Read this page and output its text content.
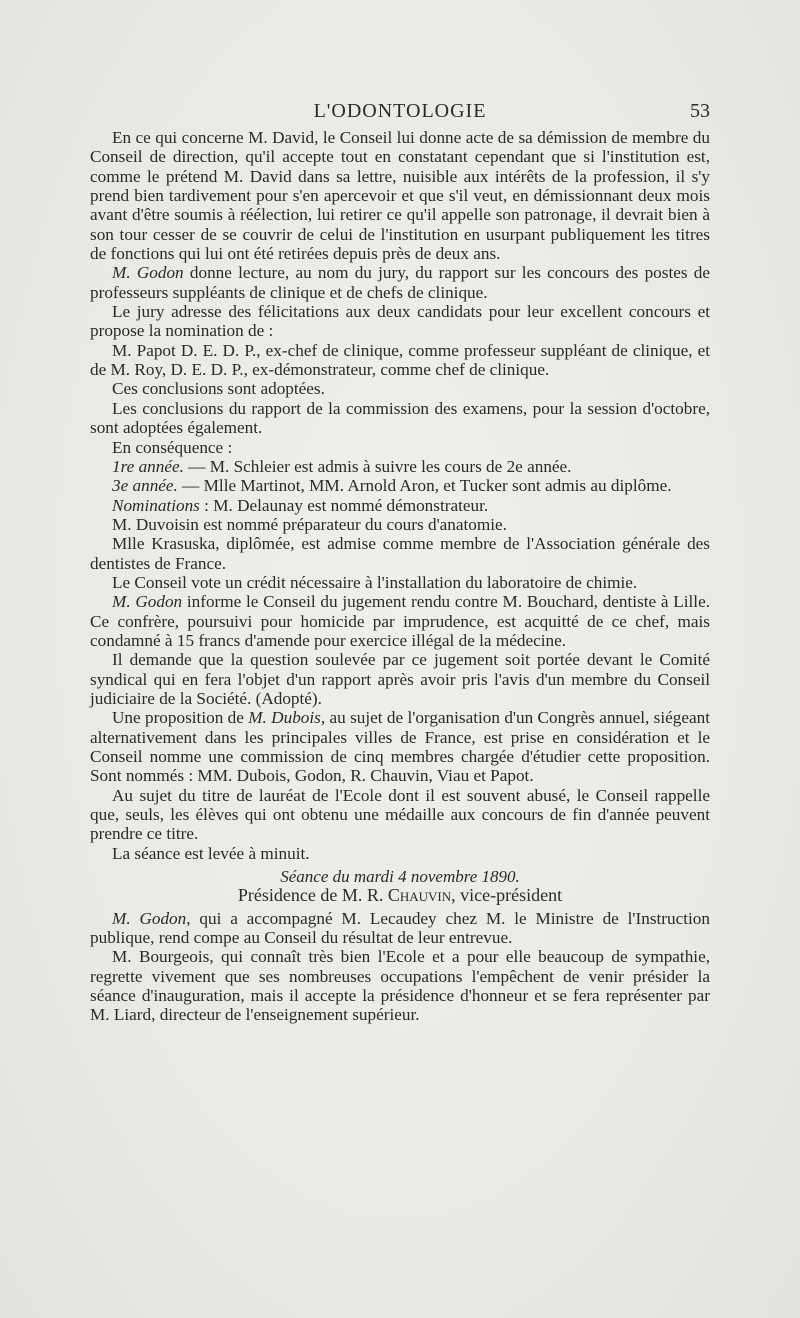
L'ODONTOLOGIE	53

En ce qui concerne M. David, le Conseil lui donne acte de sa démission de membre du Conseil de direction, qu'il accepte tout en constatant cependant que si l'institution est, comme le prétend M. David dans sa lettre, nuisible aux intérêts de la profession, il s'y prend bien tardivement pour s'en apercevoir et que s'il veut, en démissionnant deux mois avant d'être soumis à réélection, lui retirer ce qu'il appelle son patronage, il devrait bien à son tour cesser de se couvrir de celui de l'institution en usurpant publiquement les titres de fonctions qui lui ont été retirées depuis près de deux ans.

M. Godon donne lecture, au nom du jury, du rapport sur les concours des postes de professeurs suppléants de clinique et de chefs de clinique.

Le jury adresse des félicitations aux deux candidats pour leur excellent concours et propose la nomination de :

M. Papot D. E. D. P., ex-chef de clinique, comme professeur suppléant de clinique, et de M. Roy, D. E. D. P., ex-démonstrateur, comme chef de clinique.

Ces conclusions sont adoptées.

Les conclusions du rapport de la commission des examens, pour la session d'octobre, sont adoptées également.

En conséquence :

1re année. — M. Schleier est admis à suivre les cours de 2e année.

3e année. — Mlle Martinot, MM. Arnold Aron, et Tucker sont admis au diplôme.

Nominations : M. Delaunay est nommé démonstrateur.

M. Duvoisin est nommé préparateur du cours d'anatomie.

Mlle Krasuska, diplômée, est admise comme membre de l'Association générale des dentistes de France.

Le Conseil vote un crédit nécessaire à l'installation du laboratoire de chimie.

M. Godon informe le Conseil du jugement rendu contre M. Bouchard, dentiste à Lille. Ce confrère, poursuivi pour homicide par imprudence, est acquitté de ce chef, mais condamné à 15 francs d'amende pour exercice illégal de la médecine.

Il demande que la question soulevée par ce jugement soit portée devant le Comité syndical qui en fera l'objet d'un rapport après avoir pris l'avis d'un membre du Conseil judiciaire de la Société. (Adopté).

Une proposition de M. Dubois, au sujet de l'organisation d'un Congrès annuel, siégeant alternativement dans les principales villes de France, est prise en considération et le Conseil nomme une commission de cinq membres chargée d'étudier cette proposition. Sont nommés : MM. Dubois, Godon, R. Chauvin, Viau et Papot.

Au sujet du titre de lauréat de l'Ecole dont il est souvent abusé, le Conseil rappelle que, seuls, les élèves qui ont obtenu une médaille aux concours de fin d'année peuvent prendre ce titre.

La séance est levée à minuit.

Séance du mardi 4 novembre 1890.

Présidence de M. R. Chauvin, vice-président

M. Godon, qui a accompagné M. Lecaudey chez M. le Ministre de l'Instruction publique, rend compe au Conseil du résultat de leur entrevue.

M. Bourgeois, qui connaît très bien l'Ecole et a pour elle beaucoup de sympathie, regrette vivement que ses nombreuses occupations l'empêchent de venir présider la séance d'inauguration, mais il accepte la présidence d'honneur et se fera représenter par M. Liard, directeur de l'enseignement supérieur.
